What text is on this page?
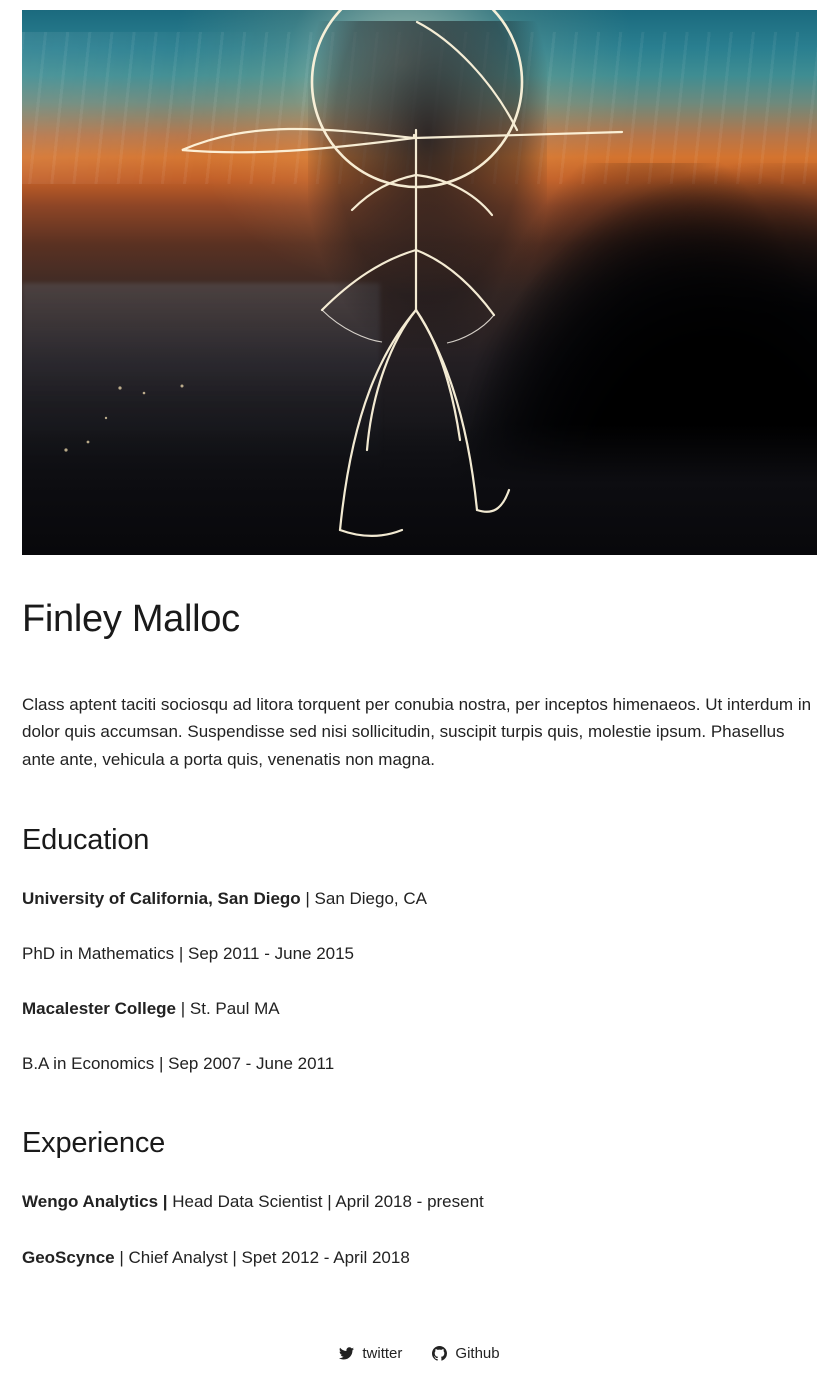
Finley Malloc

Class aptent taciti sociosqu ad litora torquent per conubia nostra, per inceptos himenaeos. Ut interdum in dolor quis accumsan. Suspendisse sed nisi sollicitudin, suscipit turpis quis, molestie ipsum. Phasellus ante ante, vehicula a porta quis, venenatis non magna.

Education

University of California, San Diego | San Diego, CA

PhD in Mathematics | Sep 2011 - June 2015

Macalester College | St. Paul MA

B.A in Economics | Sep 2007 - June 2011

Experience

Wengo Analytics | Head Data Scientist | April 2018 - present

GeoScynce | Chief Analyst | Spet 2012 - April 2018

twitter	Github
